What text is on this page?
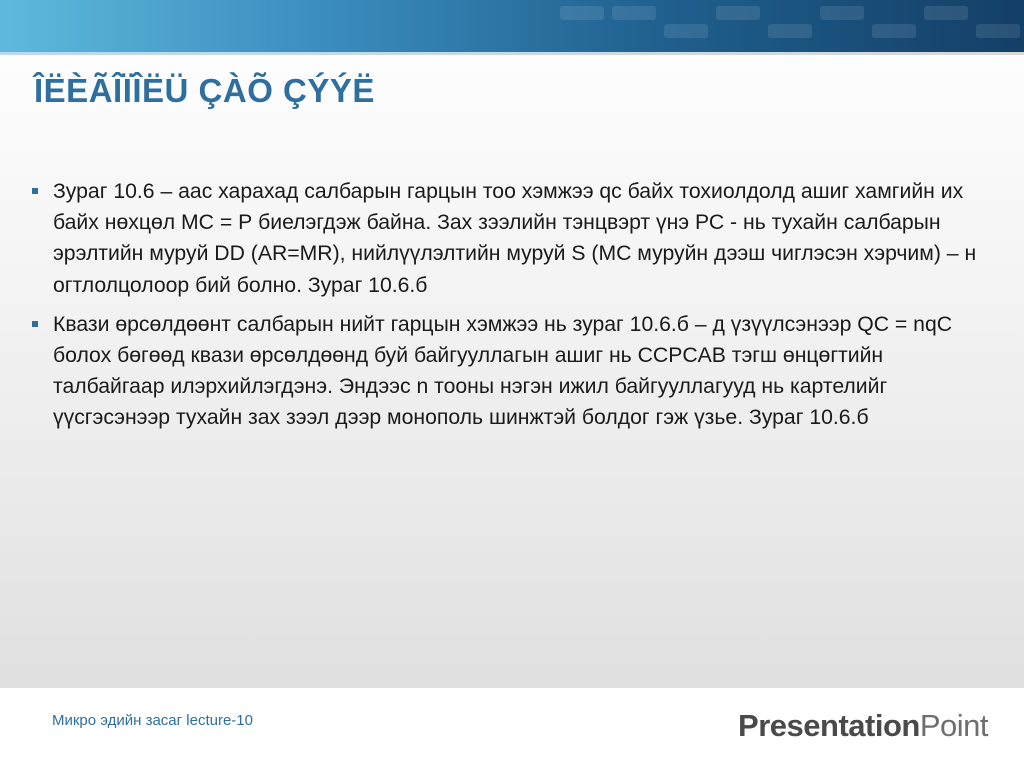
ÎËÈÃÎÏÎËÜ ÇÀÕ ÇÝÝË
Зураг 10.6 – аас харахад салбарын гарцын тоо хэмжээ qс байх тохиолдолд ашиг хамгийн их байх нөхцөл МС = Р биелэгдэж байна. Зах зээлийн тэнцвэрт үнэ РС - нь тухайн салбарын эрэлтийн муруй DD (AR=MR), нийлүүлэлтийн муруй S (МС муруйн дээш чиглэсэн хэрчим) – н огтлолцолоор бий болно. Зураг 10.6.б
Квази өрсөлдөөнт салбарын нийт гарцын хэмжээ нь зураг 10.6.б – д үзүүлсэнээр QC = nqC болох бөгөөд квази өрсөлдөөнд буй байгууллагын ашиг нь CCPCAB тэгш өнцөгтийн талбайгаар илэрхийлэгдэнэ. Эндээс n тооны нэгэн ижил байгууллагууд нь картелийг үүсгэсэнээр тухайн зах зээл дээр монополь шинжтэй болдог гэж үзье. Зураг 10.6.б
Микро эдийн засаг lecture-10	PresentationPoint
